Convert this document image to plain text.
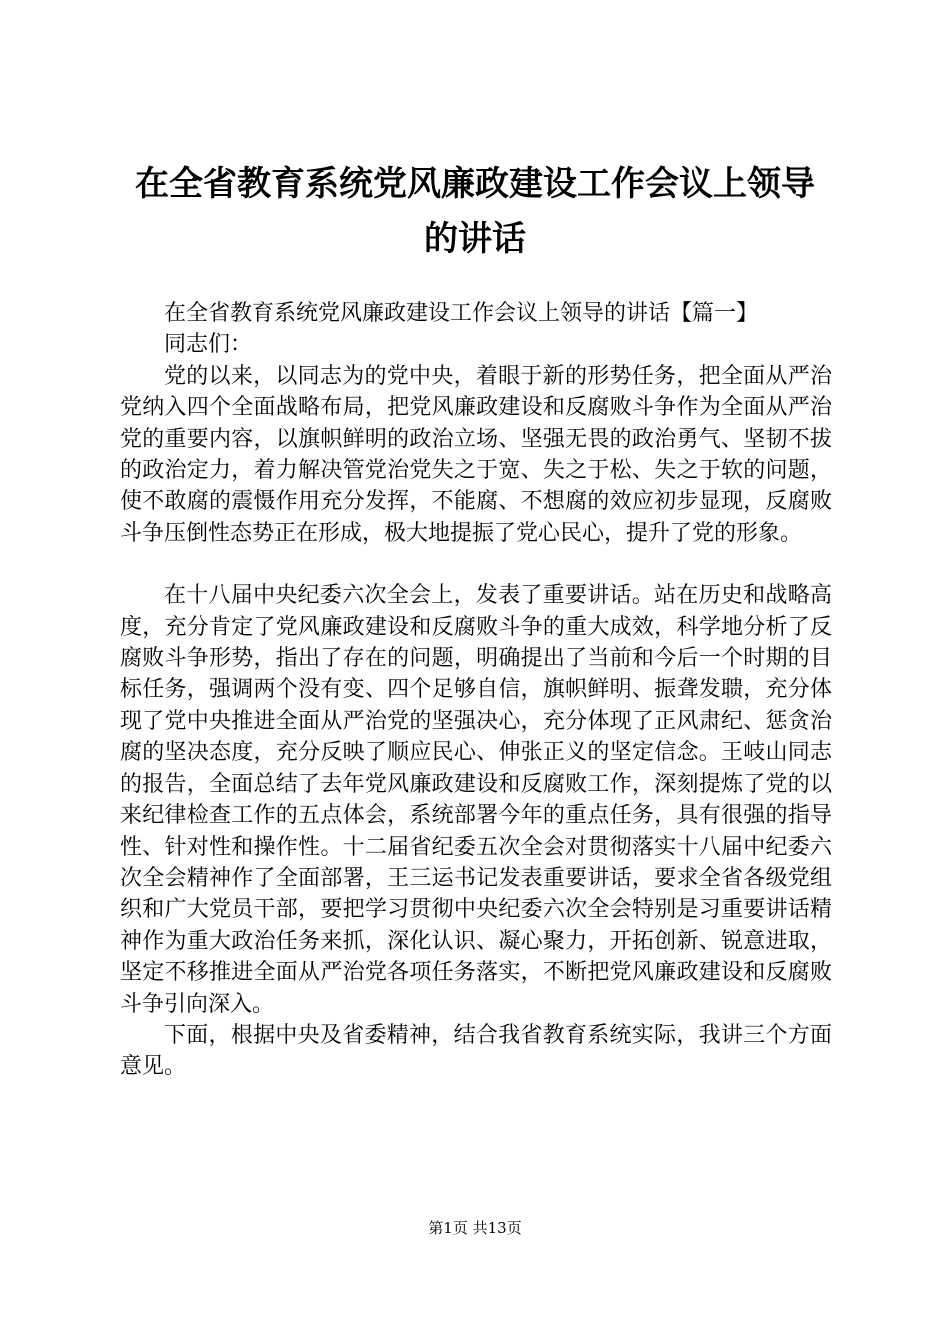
在全省教育系统党风廉政建设工作会议上领导
的讲话

在全省教育系统党风廉政建设工作会议上领导的讲话【篇一】

同志们：

党的以来，以同志为的党中央，着眼于新的形势任务，把全面从严治党纳入四个全面战略布局，把党风廉政建设和反腐败斗争作为全面从严治党的重要内容，以旗帜鲜明的政治立场、坚强无畏的政治勇气、坚韧不拔的政治定力，着力解决管党治党失之于宽、失之于松、失之于软的问题，使不敢腐的震慑作用充分发挥，不能腐、不想腐的效应初步显现，反腐败斗争压倒性态势正在形成，极大地提振了党心民心，提升了党的形象。

在十八届中央纪委六次全会上，发表了重要讲话。站在历史和战略高度，充分肯定了党风廉政建设和反腐败斗争的重大成效，科学地分析了反腐败斗争形势，指出了存在的问题，明确提出了当前和今后一个时期的目标任务，强调两个没有变、四个足够自信，旗帜鲜明、振聋发聩，充分体现了党中央推进全面从严治党的坚强决心，充分体现了正风肃纪、惩贪治腐的坚决态度，充分反映了顺应民心、伸张正义的坚定信念。王岐山同志的报告，全面总结了去年党风廉政建设和反腐败工作，深刻提炼了党的以来纪律检查工作的五点体会，系统部署今年的重点任务，具有很强的指导性、针对性和操作性。十二届省纪委五次全会对贯彻落实十八届中纪委六次全会精神作了全面部署，王三运书记发表重要讲话，要求全省各级党组织和广大党员干部，要把学习贯彻中央纪委六次全会特别是习重要讲话精神作为重大政治任务来抓，深化认识、凝心聚力，开拓创新、锐意进取，坚定不移推进全面从严治党各项任务落实，不断把党风廉政建设和反腐败斗争引向深入。

下面，根据中央及省委精神，结合我省教育系统实际，我讲三个方面意见。

第1页 共13页
